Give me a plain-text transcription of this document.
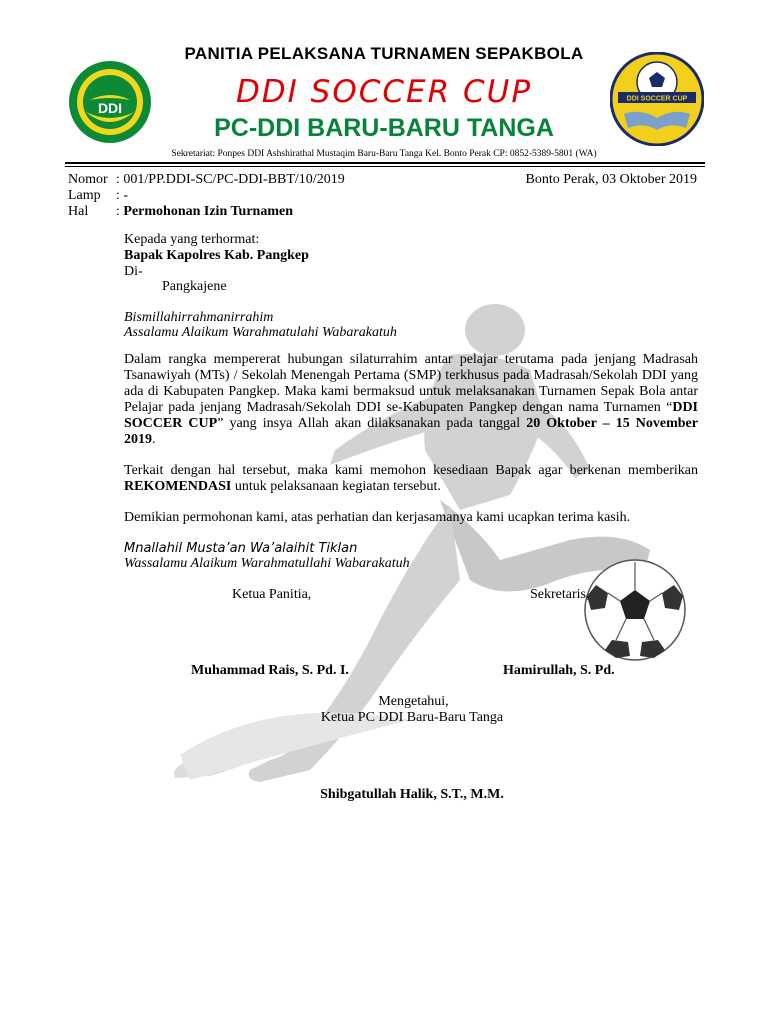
DDI
DDI SOCCER CUP
PANITIA PELAKSANA TURNAMEN SEPAKBOLA
DDI SOCCER CUP
PC-DDI BARU-BARU TANGA
Sekretariat: Ponpes DDI Ashshirathal Mustaqim Baru-Baru Tanga Kel. Bonto Perak CP: 0852-5389-5801 (WA)
Nomor : 001/PP.DDI-SC/PC-DDI-BBT/10/2019
Lamp	: -
Hal	: Permohonan Izin Turnamen
Bonto Perak, 03 Oktober 2019
Kepada yang terhormat:
Bapak Kapolres Kab. Pangkep
Di-
Pangkajene
Bismillahirrahmanirrahim
Assalamu Alaikum Warahmatulahi Wabarakatuh
Dalam rangka mempererat hubungan silaturrahim antar pelajar terutama pada jenjang Madrasah Tsanawiyah (MTs) / Sekolah Menengah Pertama (SMP) terkhusus pada Madrasah/Sekolah DDI yang ada di Kabupaten Pangkep. Maka kami bermaksud untuk melaksanakan Turnamen Sepak Bola antar Pelajar pada jenjang Madrasah/Sekolah DDI se-Kabupaten Pangkep dengan nama Turnamen “DDI SOCCER CUP” yang insya Allah akan dilaksanakan pada tanggal 20 Oktober – 15 November 2019.
Terkait dengan hal tersebut, maka kami memohon kesediaan Bapak agar berkenan memberikan REKOMENDASI untuk pelaksanaan kegiatan tersebut.
Demikian permohonan kami, atas perhatian dan kerjasamanya kami ucapkan terima kasih.
Mnallahil Musta’an Wa’alaihit Tiklan
Wassalamu Alaikum Warahmatullahi Wabarakatuh
Ketua Panitia,	Sekretaris,
Muhammad Rais, S. Pd. I.	Hamirullah, S. Pd.
Mengetahui,
Ketua PC DDI Baru-Baru Tanga
Shibgatullah Halik, S.T., M.M.
